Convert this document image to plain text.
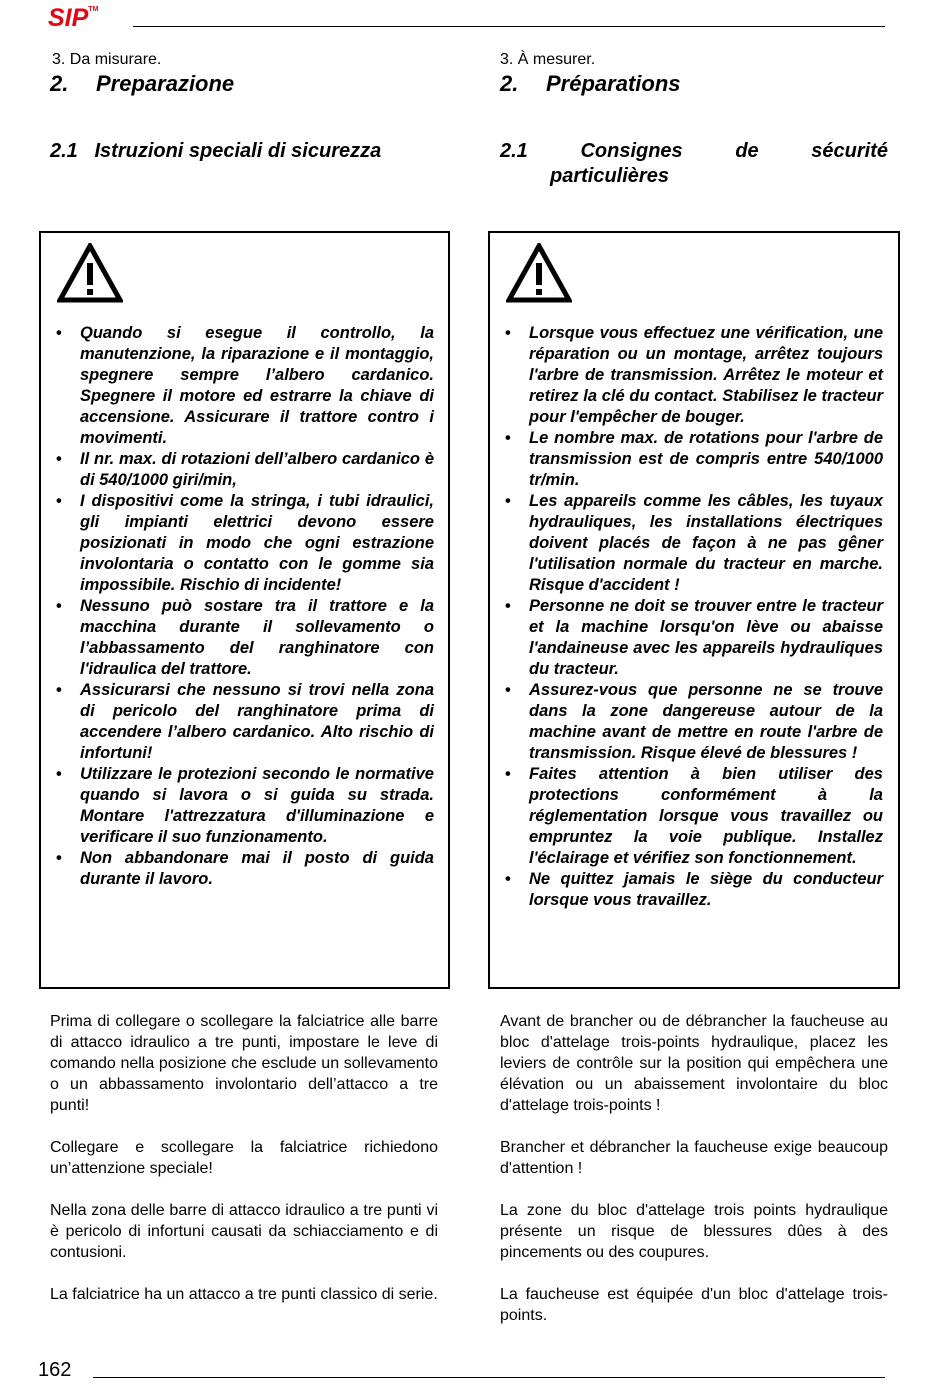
SIP™
3. Da misurare.
2. Preparazione
2.1   Istruzioni speciali di sicurezza
• Quando si esegue il controllo, la manutenzione, la riparazione e il montaggio, spegnere sempre l’albero cardanico. Spegnere il motore ed estrarre la chiave di accensione. Assicurare il trattore contro i movimenti.
• Il nr. max. di rotazioni dell’albero cardanico è di 540/1000 giri/min,
• I dispositivi come la stringa, i tubi idraulici, gli impianti elettrici devono essere posizionati in modo che ogni estrazione involontaria o contatto con le gomme sia impossibile. Rischio di incidente!
• Nessuno può sostare tra il trattore e la macchina durante il sollevamento o l’abbassamento del ranghinatore con l'idraulica del trattore.
• Assicurarsi che nessuno si trovi nella zona di pericolo del ranghinatore prima di accendere l’albero cardanico. Alto rischio di infortuni!
• Utilizzare le protezioni secondo le normative quando si lavora o si guida su strada. Montare l'attrezzatura d'illuminazione e verificare il suo funzionamento.
• Non abbandonare mai il posto di guida durante il lavoro.

Prima di collegare o scollegare la falciatrice alle barre di attacco idraulico a tre punti, impostare le leve di comando nella posizione che esclude un sollevamento o un abbassamento involontario dell’attacco a tre punti!

Collegare e scollegare la falciatrice richiedono un’attenzione speciale!

Nella zona delle barre di attacco idraulico a tre punti vi è pericolo di infortuni causati da schiacciamento e di contusioni.

La falciatrice ha un attacco a tre punti classico di serie.

3. À mesurer.
2. Préparations
2.1	Consignes	de	sécurité
particulières
• Lorsque vous effectuez une vérification, une réparation ou un montage, arrêtez toujours l'arbre de transmission. Arrêtez le moteur et retirez la clé du contact. Stabilisez le tracteur pour l'empêcher de bouger.
• Le nombre max. de rotations pour l'arbre de transmission est de compris entre 540/1000 tr/min.
• Les appareils comme les câbles, les tuyaux hydrauliques, les installations électriques doivent placés de façon à ne pas gêner l'utilisation normale du tracteur en marche. Risque d'accident !
• Personne ne doit se trouver entre le tracteur et la machine lorsqu'on lève ou abaisse l'andaineuse avec les appareils hydrauliques du tracteur.
• Assurez-vous que personne ne se trouve dans la zone dangereuse autour de la machine avant de mettre en route l'arbre de transmission. Risque élevé de blessures !
• Faites attention à bien utiliser des protections conformément à la réglementation lorsque vous travaillez ou empruntez la voie publique. Installez l'éclairage et vérifiez son fonctionnement.
• Ne quittez jamais le siège du conducteur lorsque vous travaillez.

Avant de brancher ou de débrancher la faucheuse au bloc d'attelage trois-points hydraulique, placez les leviers de contrôle sur la position qui empêchera une élévation ou un abaissement involontaire du bloc d'attelage trois-points !

Brancher et débrancher la faucheuse exige beaucoup d'attention !

La zone du bloc d'attelage trois points hydraulique présente un risque de blessures dûes à des pincements ou des coupures.

La faucheuse est équipée d'un bloc d'attelage trois-points.

162
